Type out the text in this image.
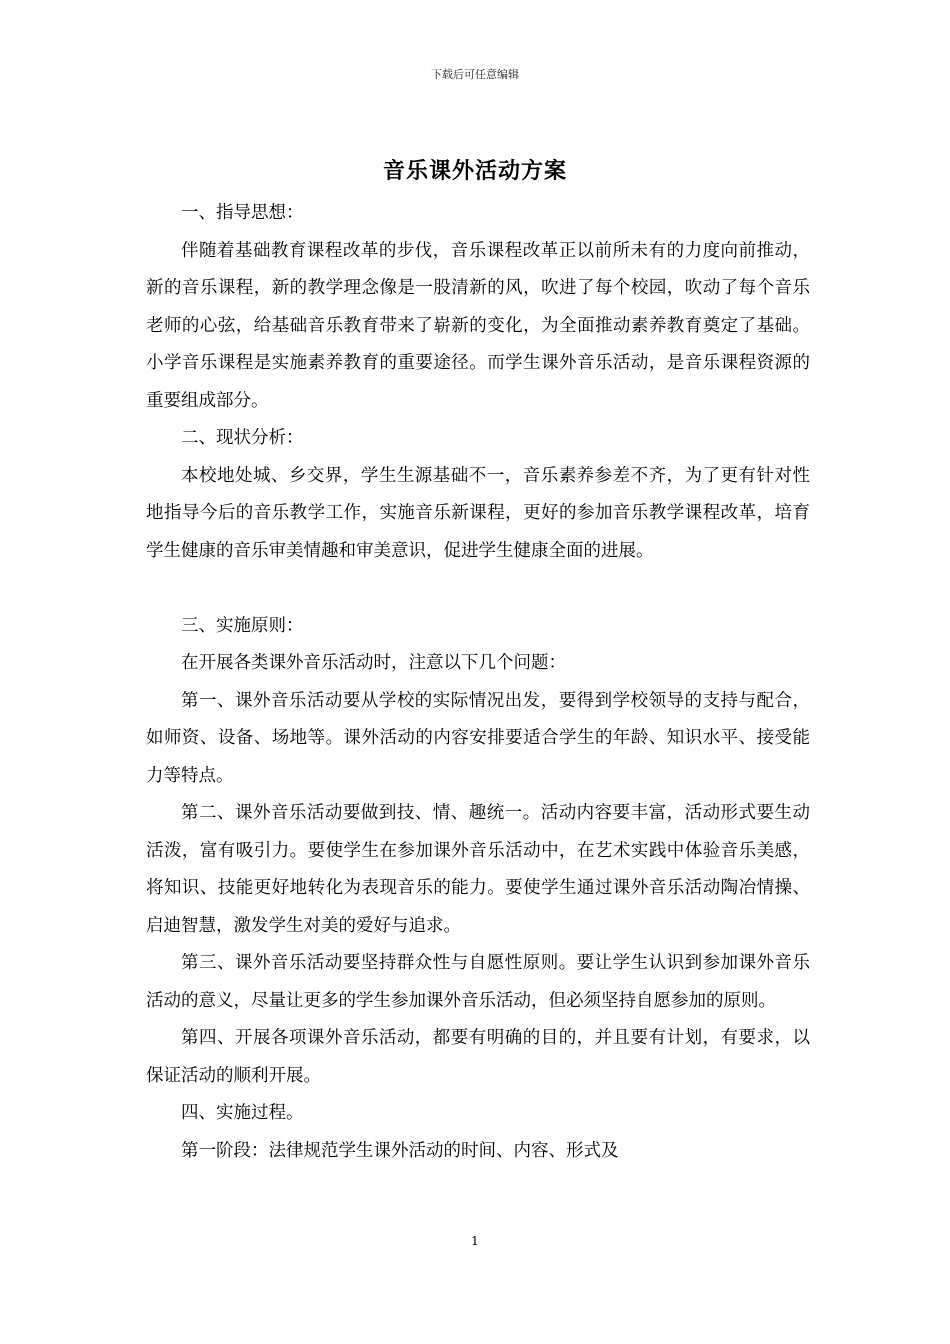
下载后可任意编辑
音乐课外活动方案

一、指导思想：

伴随着基础教育课程改革的步伐，音乐课程改革正以前所未有的力度向前推动，新的音乐课程，新的教学理念像是一股清新的风，吹进了每个校园，吹动了每个音乐老师的心弦，给基础音乐教育带来了崭新的变化，为全面推动素养教育奠定了基础。小学音乐课程是实施素养教育的重要途径。而学生课外音乐活动，是音乐课程资源的重要组成部分。

二、现状分析：

本校地处城、乡交界，学生生源基础不一，音乐素养参差不齐，为了更有针对性地指导今后的音乐教学工作，实施音乐新课程，更好的参加音乐教学课程改革，培育学生健康的音乐审美情趣和审美意识，促进学生健康全面的进展。

三、实施原则：

在开展各类课外音乐活动时，注意以下几个问题：

第一、课外音乐活动要从学校的实际情况出发，要得到学校领导的支持与配合，如师资、设备、场地等。课外活动的内容安排要适合学生的年龄、知识水平、接受能力等特点。

第二、课外音乐活动要做到技、情、趣统一。活动内容要丰富，活动形式要生动活泼，富有吸引力。要使学生在参加课外音乐活动中，在艺术实践中体验音乐美感，将知识、技能更好地转化为表现音乐的能力。要使学生通过课外音乐活动陶冶情操、启迪智慧，激发学生对美的爱好与追求。

第三、课外音乐活动要坚持群众性与自愿性原则。要让学生认识到参加课外音乐活动的意义，尽量让更多的学生参加课外音乐活动，但必须坚持自愿参加的原则。

第四、开展各项课外音乐活动，都要有明确的目的，并且要有计划，有要求，以保证活动的顺利开展。

四、实施过程。

第一阶段：法律规范学生课外活动的时间、内容、形式及

1
